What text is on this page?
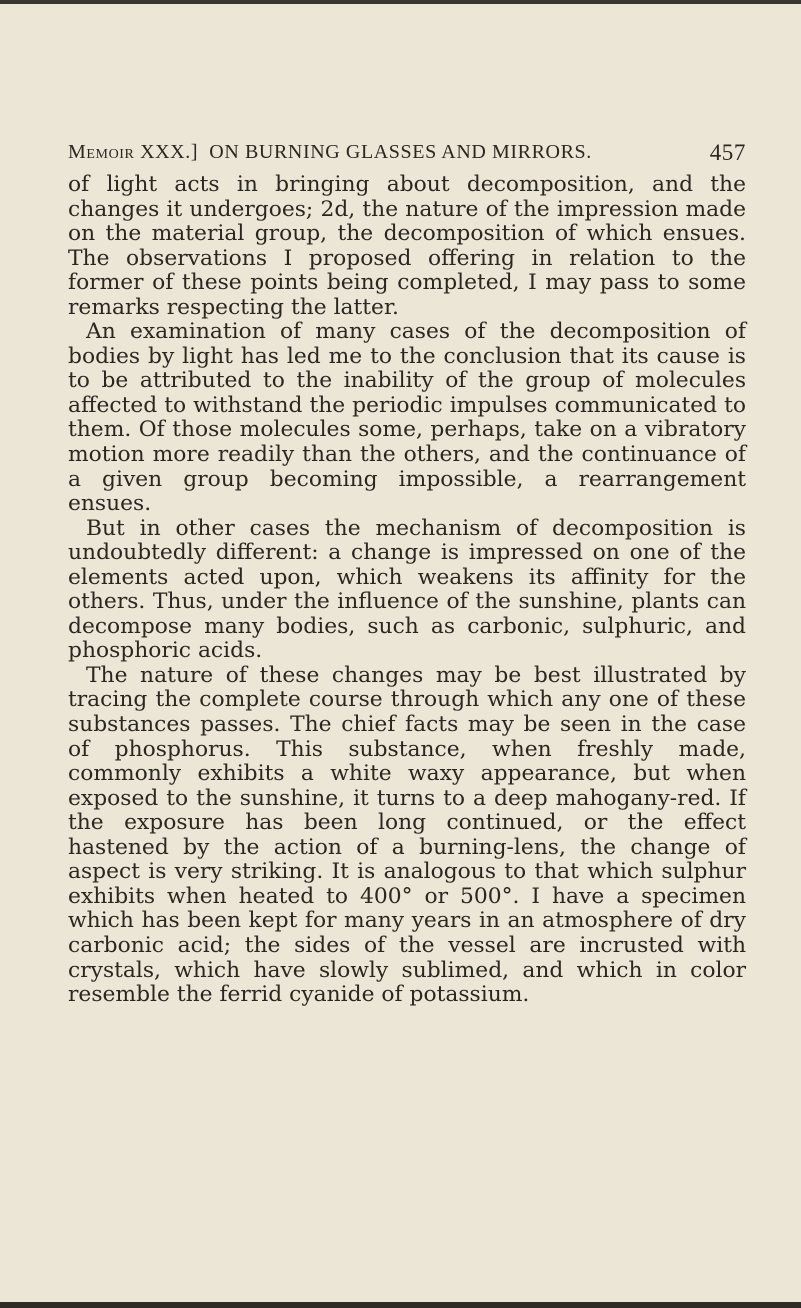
Memoir XXX.] ON BURNING GLASSES AND MIRRORS.	457

of light acts in bringing about decomposition, and the changes it undergoes; 2d, the nature of the impression made on the material group, the decomposition of which ensues. The observations I proposed offering in relation to the former of these points being completed, I may pass to some remarks respecting the latter.

An examination of many cases of the decomposition of bodies by light has led me to the conclusion that its cause is to be attributed to the inability of the group of molecules affected to withstand the periodic impulses communicated to them. Of those molecules some, perhaps, take on a vibratory motion more readily than the others, and the continuance of a given group becoming impossible, a rearrangement ensues.

But in other cases the mechanism of decomposition is undoubtedly different: a change is impressed on one of the elements acted upon, which weakens its affinity for the others. Thus, under the influence of the sunshine, plants can decompose many bodies, such as carbonic, sulphuric, and phosphoric acids.

The nature of these changes may be best illustrated by tracing the complete course through which any one of these substances passes. The chief facts may be seen in the case of phosphorus. This substance, when freshly made, commonly exhibits a white waxy appearance, but when exposed to the sunshine, it turns to a deep mahogany-red. If the exposure has been long continued, or the effect hastened by the action of a burning-lens, the change of aspect is very striking. It is analogous to that which sulphur exhibits when heated to 400° or 500°. I have a specimen which has been kept for many years in an atmosphere of dry carbonic acid; the sides of the vessel are incrusted with crystals, which have slowly sublimed, and which in color resemble the ferrid cyanide of potassium.
